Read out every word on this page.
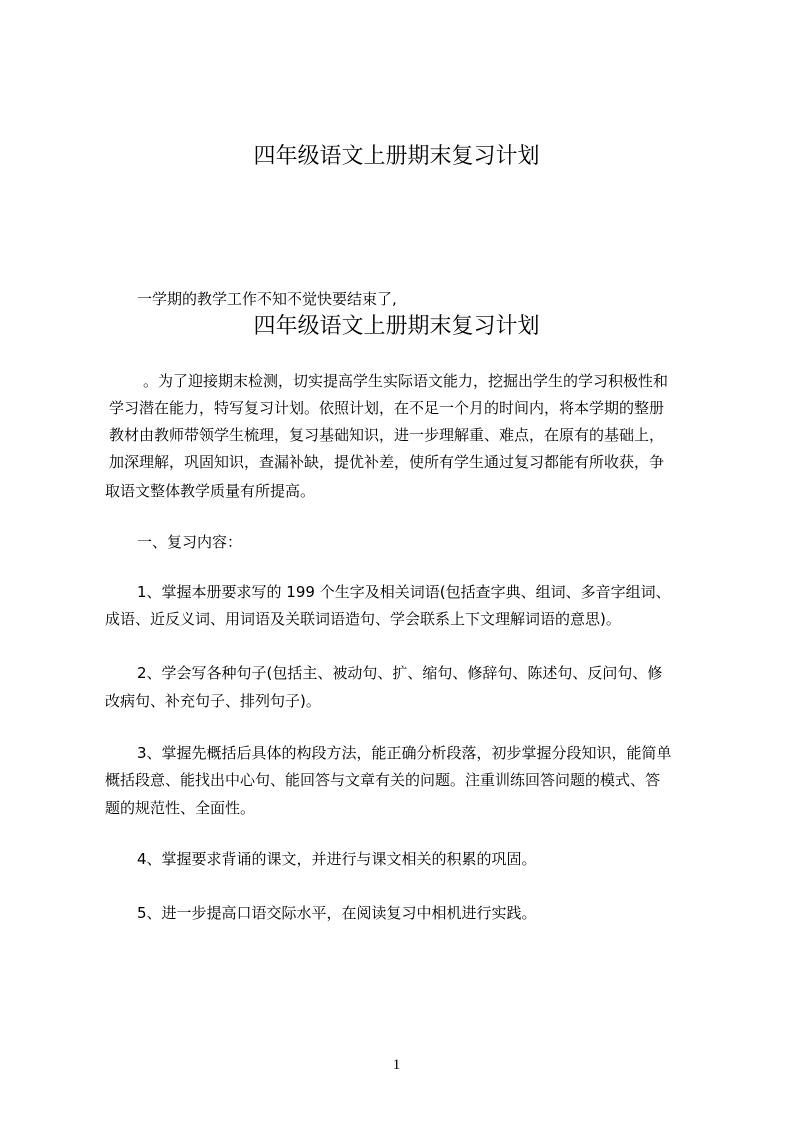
四年级语文上册期末复习计划

一学期的教学工作不知不觉快要结束了,

四年级语文上册期末复习计划

。为了迎接期末检测，切实提高学生实际语文能力，挖掘出学生的学习积极性和

学习潜在能力，特写复习计划。依照计划，在不足一个月的时间内，将本学期的整册

教材由教师带领学生梳理，复习基础知识，进一步理解重、难点，在原有的基础上，

加深理解，巩固知识，查漏补缺，提优补差，使所有学生通过复习都能有所收获，争

取语文整体教学质量有所提高。

一、复习内容：

1、掌握本册要求写的 199 个生字及相关词语(包括查字典、组词、多音字组词、

成语、近反义词、用词语及关联词语造句、学会联系上下文理解词语的意思)。

2、学会写各种句子(包括主、被动句、扩、缩句、修辞句、陈述句、反问句、修

改病句、补充句子、排列句子)。

3、掌握先概括后具体的构段方法，能正确分析段落，初步掌握分段知识，能简单

概括段意、能找出中心句、能回答与文章有关的问题。注重训练回答问题的模式、答

题的规范性、全面性。

4、掌握要求背诵的课文，并进行与课文相关的积累的巩固。

5、进一步提高口语交际水平，在阅读复习中相机进行实践。

1
